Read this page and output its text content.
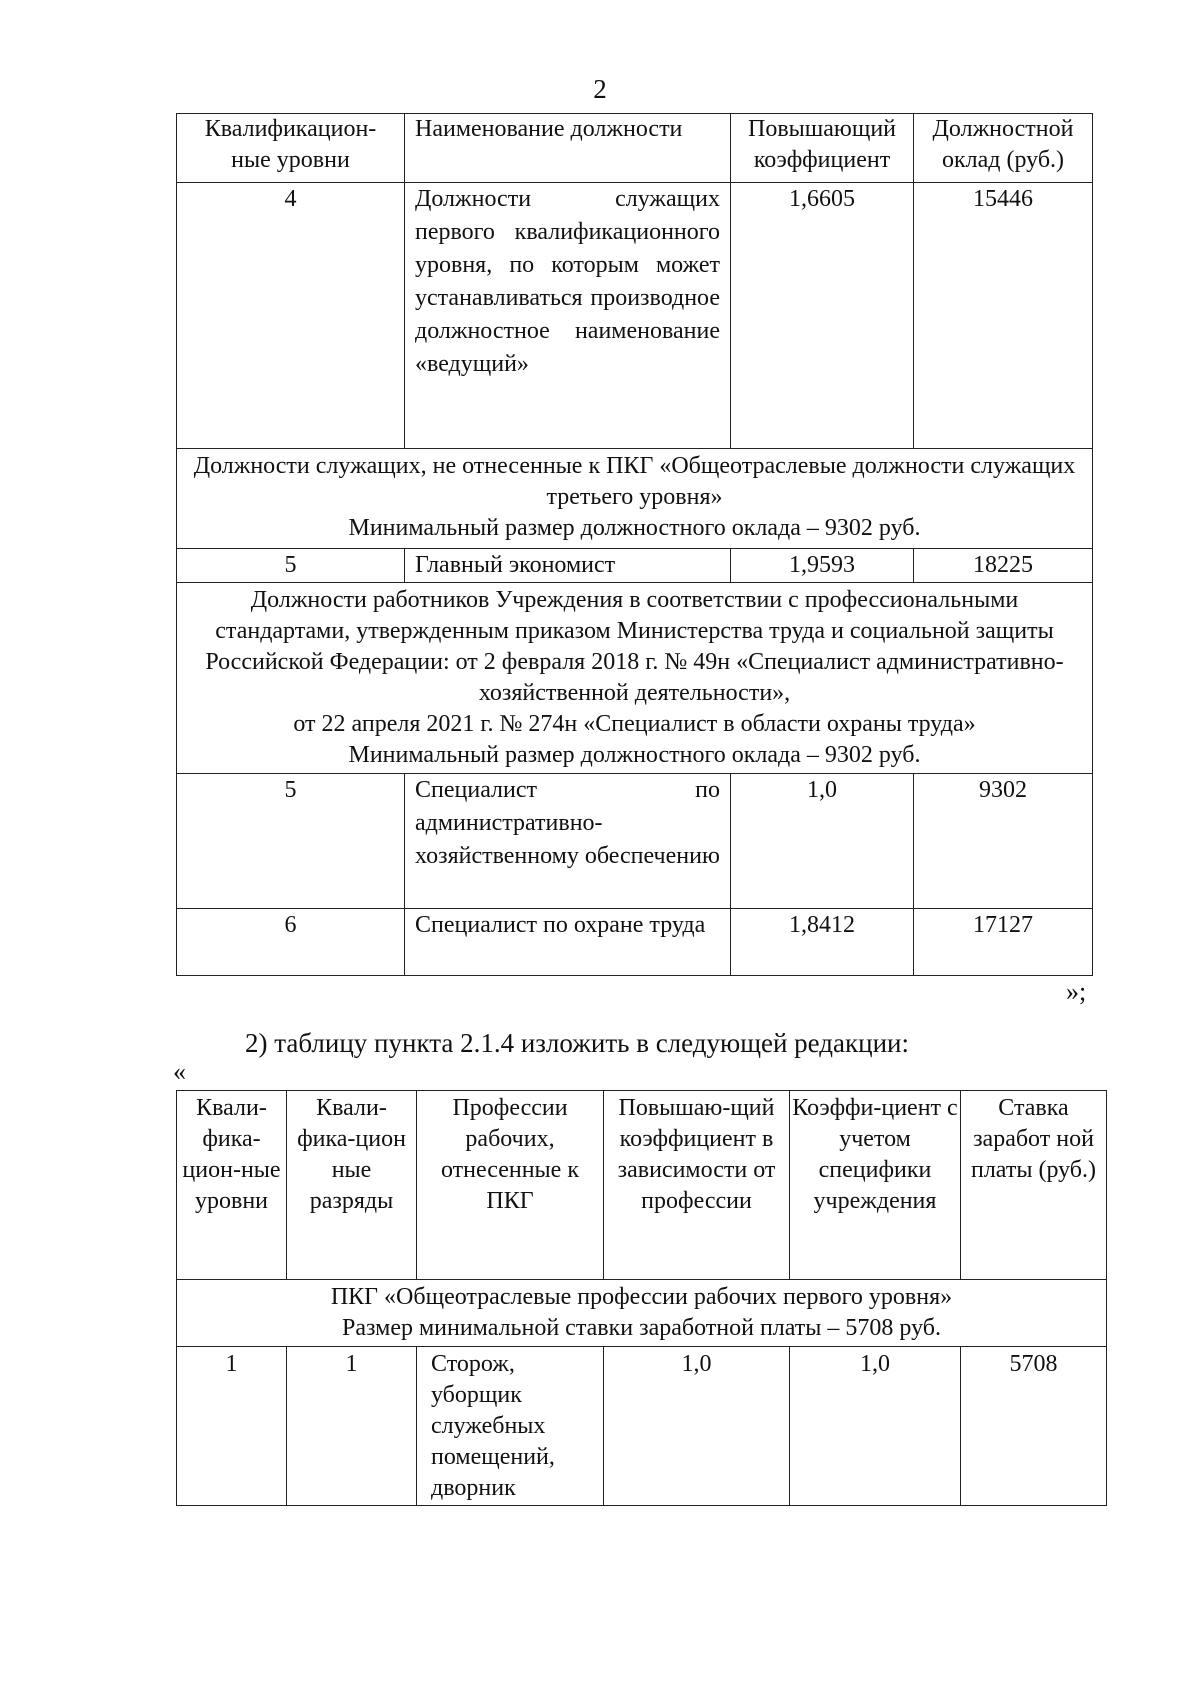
2
Квалификацион-ные уровни	Наименование должности	Повышающий коэффициент	Должностной оклад (руб.)
4	Должности служащих первого квалификационного уровня, по которым может устанавливаться производное должностное наименование «ведущий»	1,6605	15446

Должности служащих, не отнесенные к ПКГ «Общеотраслевые должности служащих третьего уровня»
Минимальный размер должностного оклада – 9302 руб.			

5	Главный экономист	1,9593	18225

Должности работников Учреждения в соответствии с профессиональными стандартами, утвержденным приказом Министерства труда и социальной защиты Российской Федерации: от 2 февраля 2018 г. № 49н «Специалист административно-хозяйственной деятельности»,
от 22 апреля 2021 г. № 274н «Специалист в области охраны труда»
Минимальный размер должностного оклада – 9302 руб.			

5	Специалист по административно-хозяйственному обеспечению	1,0	9302
6	Специалист по охране труда	1,8412	17127
»;
2) таблицу пункта 2.1.4 изложить в следующей редакции:
«
Квали-фика-цион-ные уровни	Квали-фика-цион ные разряды	Профессии рабочих, отнесенные к ПКГ	Повышаю-щий коэффициент в зависимости от профессии	Коэффи-циент с учетом специфики учреждения	Ставка заработ ной платы (руб.)

ПКГ «Общеотраслевые профессии рабочих первого уровня»
Размер минимальной ставки заработной платы – 5708 руб.					

1	1	Сторож, уборщик служебных помещений, дворник	1,0	1,0	5708
